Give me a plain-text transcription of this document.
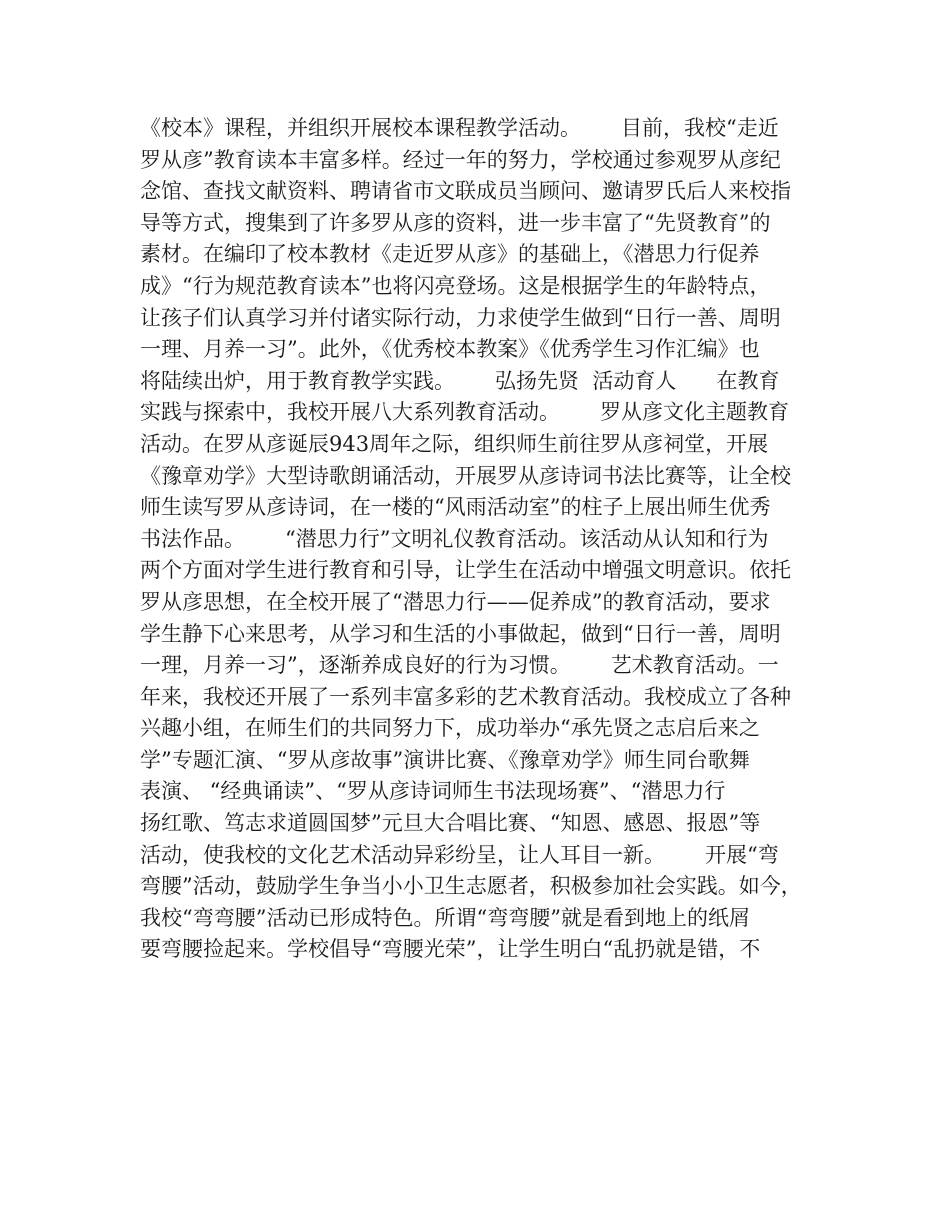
《校本》课程，并组织开展校本课程教学活动。      目前，我校“走近
罗从彦”教育读本丰富多样。经过一年的努力，学校通过参观罗从彦纪
念馆、查找文献资料、聘请省市文联成员当顾问、邀请罗氏后人来校指
导等方式，搜集到了许多罗从彦的资料，进一步丰富了“先贤教育”的
素材。在编印了校本教材《走近罗从彦》的基础上，《潜思力行促养
成》“行为规范教育读本”也将闪亮登场。这是根据学生的年龄特点，
让孩子们认真学习并付诸实际行动，力求使学生做到“日行一善、周明
一理、月养一习”。此外，《优秀校本教案》《优秀学生习作汇编》也
将陆续出炉，用于教育教学实践。      弘扬先贤  活动育人      在教育
实践与探索中，我校开展八大系列教育活动。      罗从彦文化主题教育
活动。在罗从彦诞辰943周年之际，组织师生前往罗从彦祠堂，开展
《豫章劝学》大型诗歌朗诵活动，开展罗从彦诗词书法比赛等，让全校
师生读写罗从彦诗词，在一楼的“风雨活动室”的柱子上展出师生优秀
书法作品。      “潜思力行”文明礼仪教育活动。该活动从认知和行为
两个方面对学生进行教育和引导，让学生在活动中增强文明意识。依托
罗从彦思想，在全校开展了“潜思力行——促养成”的教育活动，要求
学生静下心来思考，从学习和生活的小事做起，做到“日行一善，周明
一理，月养一习”，逐渐养成良好的行为习惯。      艺术教育活动。一
年来，我校还开展了一系列丰富多彩的艺术教育活动。我校成立了各种
兴趣小组，在师生们的共同努力下，成功举办“承先贤之志启后来之
学”专题汇演、“罗从彦故事”演讲比赛、《豫章劝学》师生同台歌舞
表演、 “经典诵读”、“罗从彦诗词师生书法现场赛”、“潜思力行
扬红歌、笃志求道圆国梦”元旦大合唱比赛、“知恩、感恩、报恩”等
活动，使我校的文化艺术活动异彩纷呈，让人耳目一新。      开展“弯
弯腰”活动，鼓励学生争当小小卫生志愿者，积极参加社会实践。如今，
我校“弯弯腰”活动已形成特色。所谓“弯弯腰”就是看到地上的纸屑
要弯腰捡起来。学校倡导“弯腰光荣”，让学生明白“乱扔就是错，不
